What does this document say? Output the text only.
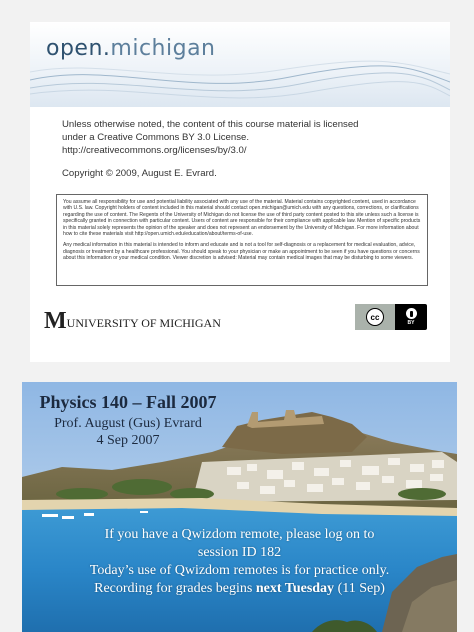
open.michigan
Unless otherwise noted, the content of this course material is licensed
under a Creative Commons BY 3.0 License.
http://creativecommons.org/licenses/by/3.0/
Copyright © 2009, August E. Evrard.

You assume all responsibility for use and potential liability associated with any use of the material. Material contains copyrighted content, used in accordance with U.S. law. Copyright holders of content included in this material should contact open.michigan@umich.edu with any questions, corrections, or clarifications regarding the use of content. The Regents of the University of Michigan do not license the use of third party content posted to this site unless such a license is specifically granted in connection with particular content. Users of content are responsible for their compliance with applicable law. Mention of specific products in this material solely represents the opinion of the speaker and does not represent an endorsement by the University of Michigan. For more information about how to cite these materials visit http://open.umich.edu/education/about/terms-of-use.

Any medical information in this material is intended to inform and educate and is not a tool for self-diagnosis or a replacement for medical evaluation, advice, diagnosis or treatment by a healthcare professional. You should speak to your physician or make an appointment to be seen if you have questions or concerns about this information or your medical condition. Viewer discretion is advised: Material may contain medical images that may be disturbing to some viewers.

M UNIVERSITY OF MICHIGAN	cc
BY
Physics 140 – Fall 2007
Prof. August (Gus) Evrard
4 Sep 2007
If you have a Qwizdom remote, please log on to
session ID 182
Today’s use of Qwizdom remotes is for practice only.
Recording for grades begins next Tuesday (11 Sep)
